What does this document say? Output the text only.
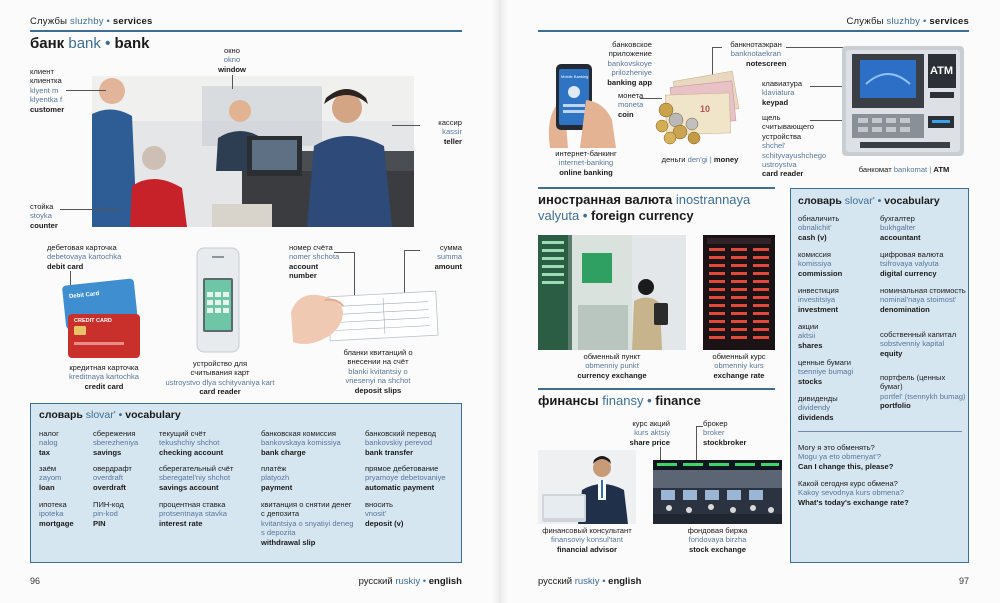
Службы sluzhby • services
банк bank • bank	окно
okno
window
клиент
клиентка
klyent m
klyentka f
customer
кассир
kassir
teller
стойка
stoyka
counter
дебетовая карточка
debetovaya kartochka
debit card
Debit Card
CREDIT CARD
кредитная карточка
kreditnaya kartochka
credit card
устройство для
считывания карт
ustroystvo dlya schityvaniya kart
card reader
номер счёта
nomer shchota
account
number
сумма
summa
amount
бланки квитанций о
внесении на счёт
blanki kvitantsiy o
vnesenyi na shchot
deposit slips
словарь slovar' • vocabulary
налог
nalog
tax
сбережения
sberezheniya
savings
текущий счёт
tekushchiy shchot
checking account
банковская комиссия
bankovskaya komissiya
bank charge
банковский перевод
bankovskiy perevod
bank transfer
заём
zayom
loan
овердрафт
overdraft
overdraft
сберегательный счёт
sberegatel'niy shchot
savings account
платёж
platyozh
payment
прямое дебетование
pryamoye debetovaniye
automatic payment
ипотека
ipoteka
mortgage
ПИН-код
pin-kod
PIN
процентная ставка
protsentnaya stavka
interest rate
квитанция о снятии денег с депозита
kvitantsiya o snyatiyi deneg s depozita
withdrawal slip
вносить
vnosit'
deposit (v)
96	русский ruskiy • english
Службы sluzhby • services
банковское
приложение
bankovskoye
prilozheniye
banking app
Mobile Banking
интернет-банкинг
internet-banking
online banking
банкнота
banknota
note
монета
moneta
coin
10
деньги den'gi | money
экран
ekran
screen
клавиатура
klaviatura
keypad
щель
считывающего
устройства
shchel'
schityvayushchego
ustroystva
card reader
ATM
банкомат bankomat | ATM
иностранная валюта inostrannaya
valyuta • foreign currency
обменный пункт
obmenniy punkt
currency exchange
обменный курс
obmenniy kurs
exchange rate
финансы finansy • finance
курс акций
kurs aktsiy
share price
брокер
broker
stockbroker
финансовый консультант
finansoviy konsul'tant
financial advisor
фондовая биржа
fondovaya birzha
stock exchange
словарь slovar' • vocabulary
обналичить
obnalichit'
cash (v)
бухгалтер
bukhgalter
accountant
комиссия
komissiya
commission
цифровая валюта
tsifrovaya valyuta
digital currency
инвестиция
investitsiya
investment
номинальная стоимость
nominal'naya stoimost'
denomination
акции
aktsii
shares
собственный капитал
sobstvenniy kapital
equity
ценные бумаги
tsenniye bumagi
stocks	портфель (ценных бумаг)
portfel' (tsennykh bumag)
portfolio
дивиденды
dividendy
dividends
Могу я это обменять?
Mogu ya eto obmenyat'?
Can I change this, please?
Какой сегодня курс обмена?
Kakoy sevodnya kurs obmena?
What's today's exchange rate?
русский ruskiy • english	97
